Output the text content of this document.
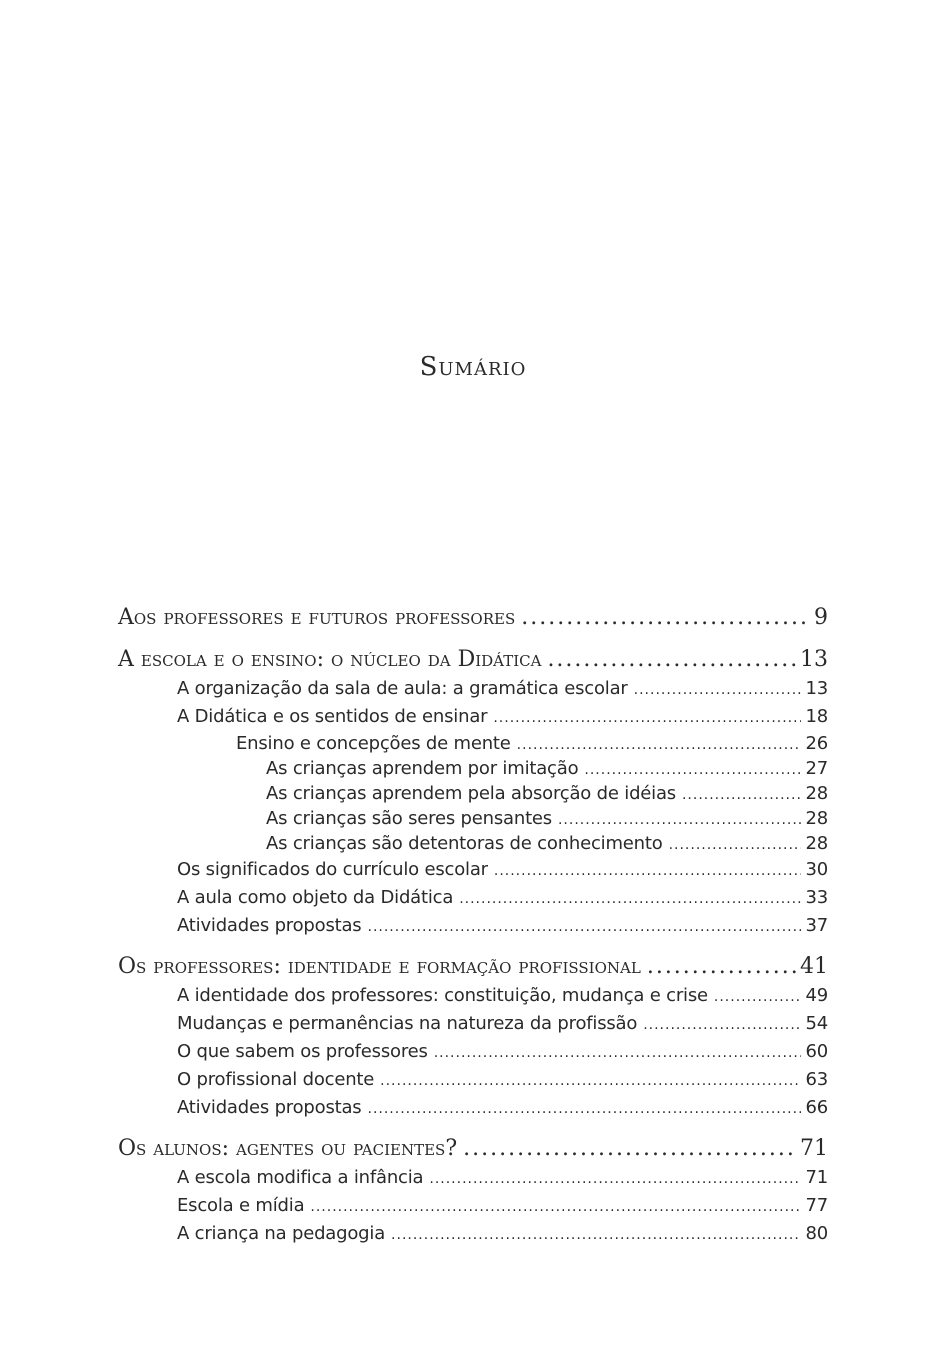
Sumário
Aos professores e futuros professores .....	9
A escola e o ensino: o núcleo da Didática .....	13
A organização da sala de aula: a gramática escolar .....	13
A Didática e os sentidos de ensinar .....	18
Ensino e concepções de mente .....	26
As crianças aprendem por imitação .....	27
As crianças aprendem pela absorção de idéias .....	28
As crianças são seres pensantes .....	28
As crianças são detentoras de conhecimento .....	28
Os significados do currículo escolar .....	30
A aula como objeto da Didática .....	33
Atividades propostas .....	37
Os professores: identidade e formação profissional .....	41
A identidade dos professores: constituição, mudança e crise .....	49
Mudanças e permanências na natureza da profissão .....	54
O que sabem os professores .....	60
O profissional docente .....	63
Atividades propostas .....	66
Os alunos: agentes ou pacientes? .....	71
A escola modifica a infância .....	71
Escola e mídia .....	77
A criança na pedagogia .....	80
